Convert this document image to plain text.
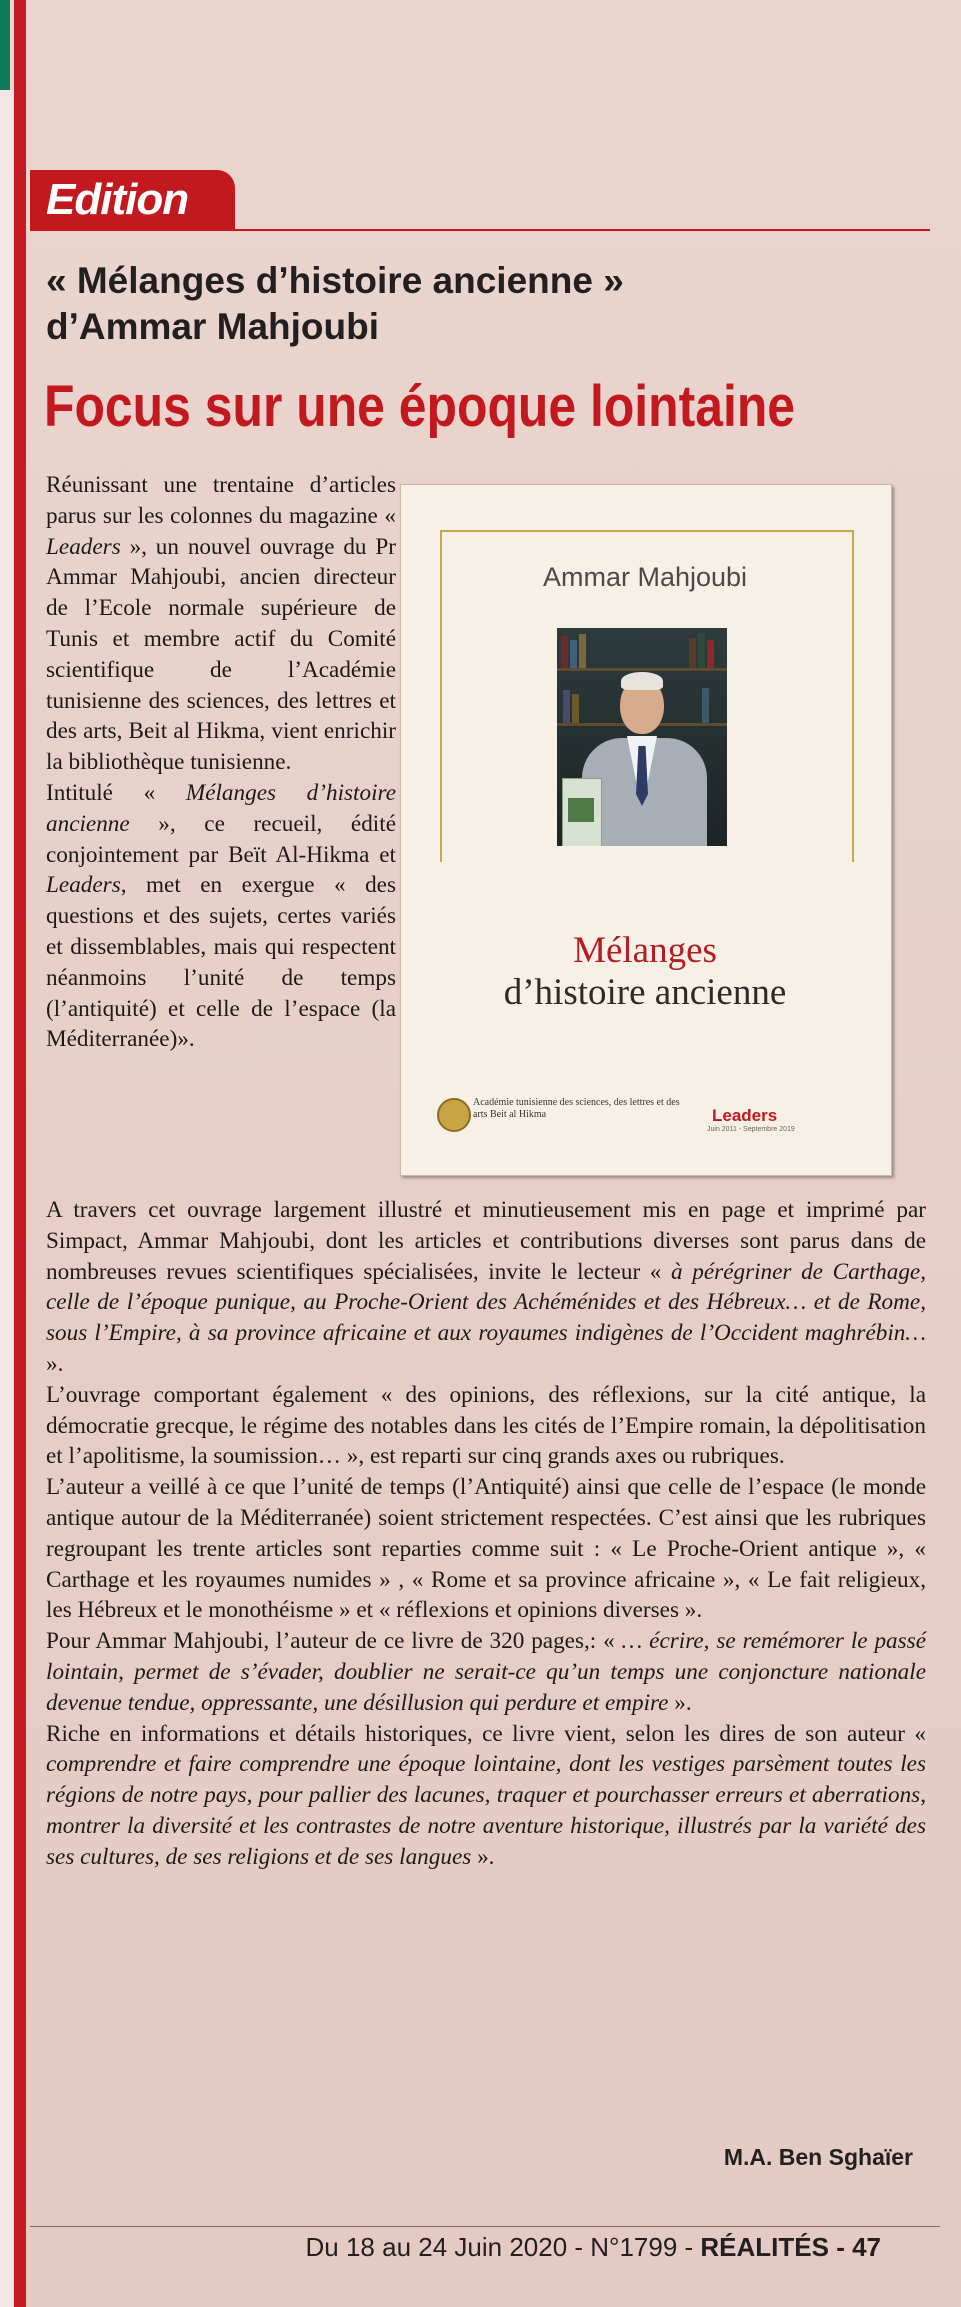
Edition
« Mélanges d’histoire ancienne »
d’Ammar Mahjoubi
Focus sur une époque lointaine

Réunissant une trentaine d’articles parus sur les colonnes du magazine « Leaders », un nouvel ouvrage du Pr Ammar Mahjoubi, ancien directeur de l’Ecole normale supérieure de Tunis et membre actif du Comité scientifique de l’Académie tunisienne des sciences, des lettres et des arts, Beit al Hikma, vient enrichir la bibliothèque tunisienne.

Intitulé « Mélanges d’histoire ancienne », ce recueil, édité conjointement par Beït Al-Hikma et Leaders, met en exergue « des questions et des sujets, certes variés et dissemblables, mais qui respectent néanmoins l’unité de temps (l’antiquité) et celle de l’espace (la Méditerranée)».

Ammar Mahjoubi
Mélanges
d’histoire ancienne
Académie tunisienne des sciences, des lettres et des arts Beit al Hikma	Leaders
Juin 2011 - Septembre 2019

A travers cet ouvrage largement illustré et minutieusement mis en page et imprimé par Simpact, Ammar Mahjoubi, dont les articles et contributions diverses sont parus dans de nombreuses revues scientifiques spécialisées, invite le lecteur « à pérégriner de Carthage, celle de l’époque punique, au Proche-Orient des Achéménides et des Hébreux… et de Rome, sous l’Empire, à sa province africaine et aux royaumes indigènes de l’Occident maghrébin… ».

L’ouvrage comportant également « des opinions, des réflexions, sur la cité antique, la démocratie grecque, le régime des notables dans les cités de l’Empire romain, la dépolitisation et l’apolitisme, la soumission… », est reparti sur cinq grands axes ou rubriques.

L’auteur a veillé à ce que l’unité de temps (l’Antiquité) ainsi que celle de l’espace (le monde antique autour de la Méditerranée) soient strictement respectées. C’est ainsi que les rubriques regroupant les trente articles sont reparties comme suit : « Le Proche-Orient antique », « Carthage et les royaumes numides » , « Rome et sa province africaine », « Le fait religieux, les Hébreux et le monothéisme » et « réflexions et opinions diverses ».

Pour Ammar Mahjoubi, l’auteur de ce livre de 320 pages,: « … écrire, se remémorer le passé lointain, permet de s’évader, doublier ne serait-ce qu’un temps une conjoncture nationale devenue tendue, oppressante, une désillusion qui perdure et empire ».

Riche en informations et détails historiques, ce livre vient, selon les dires de son auteur « comprendre et faire comprendre une époque lointaine, dont les vestiges parsèment toutes les régions de notre pays, pour pallier des lacunes, traquer et pourchasser erreurs et aberrations, montrer la diversité et les contrastes de notre aventure historique, illustrés par la variété des ses cultures, de ses religions et de ses langues ».

M.A. Ben Sghaïer
Du 18 au 24 Juin 2020 - N°1799 - RÉALITÉS - 47
